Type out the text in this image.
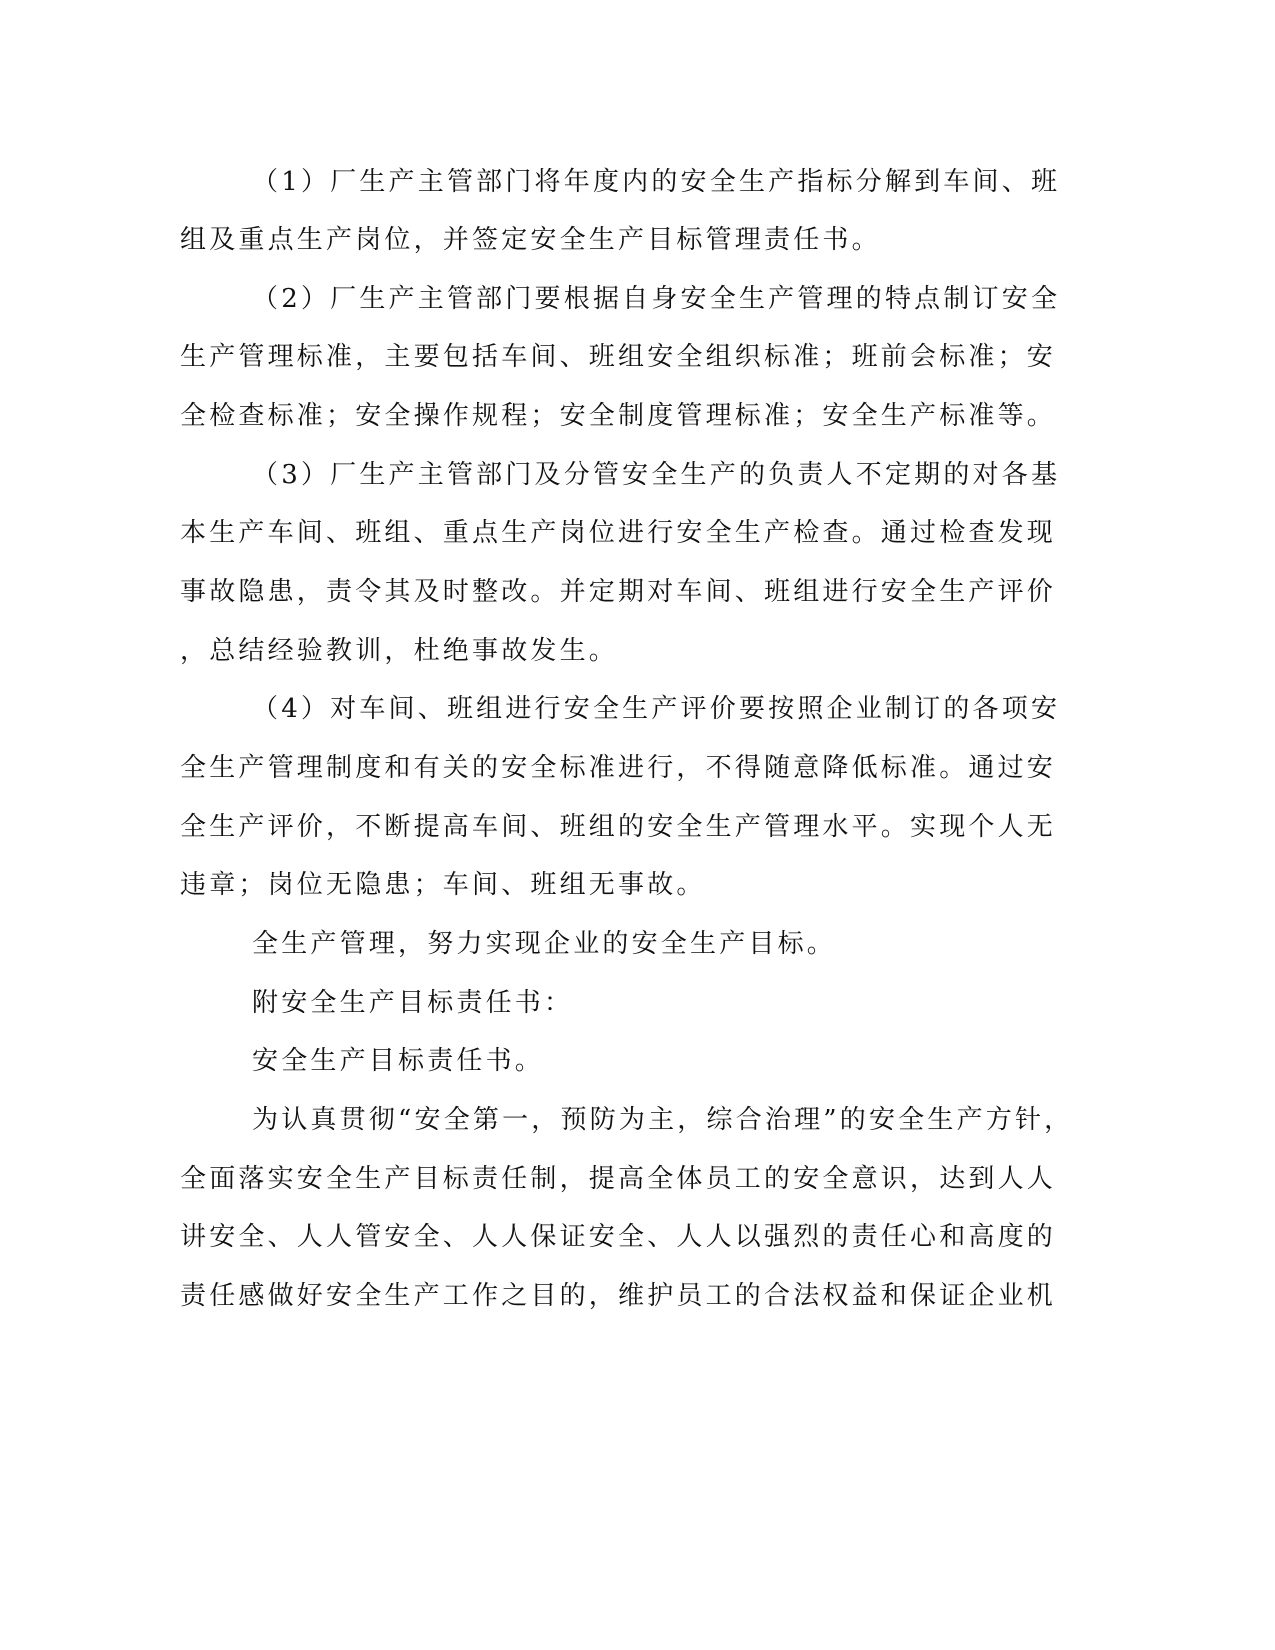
（1）厂生产主管部门将年度内的安全生产指标分解到车间、班

组及重点生产岗位，并签定安全生产目标管理责任书。

（2）厂生产主管部门要根据自身安全生产管理的特点制订安全

生产管理标准，主要包括车间、班组安全组织标准；班前会标准；安

全检查标准；安全操作规程；安全制度管理标准；安全生产标准等。

（3）厂生产主管部门及分管安全生产的负责人不定期的对各基

本生产车间、班组、重点生产岗位进行安全生产检查。通过检查发现

事故隐患，责令其及时整改。并定期对车间、班组进行安全生产评价

，总结经验教训，杜绝事故发生。

（4）对车间、班组进行安全生产评价要按照企业制订的各项安

全生产管理制度和有关的安全标准进行，不得随意降低标准。通过安

全生产评价，不断提高车间、班组的安全生产管理水平。实现个人无

违章；岗位无隐患；车间、班组无事故。

全生产管理，努力实现企业的安全生产目标。

附安全生产目标责任书：

安全生产目标责任书。

为认真贯彻“安全第一，预防为主，综合治理”的安全生产方针，

全面落实安全生产目标责任制，提高全体员工的安全意识，达到人人

讲安全、人人管安全、人人保证安全、人人以强烈的责任心和高度的

责任感做好安全生产工作之目的，维护员工的合法权益和保证企业机
